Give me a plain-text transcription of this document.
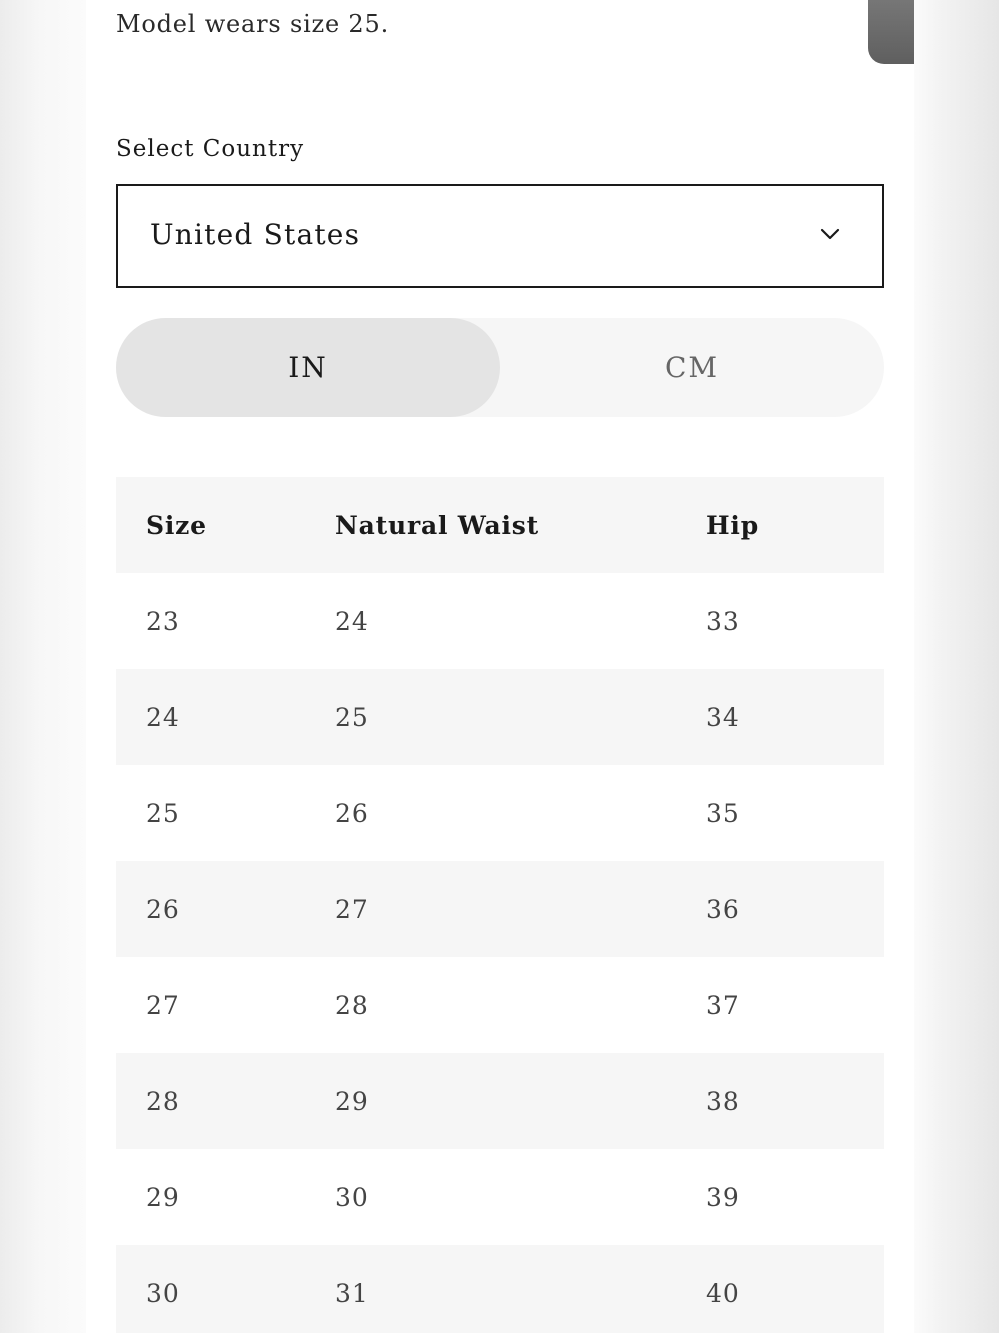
Model wears size 25.
Select Country
United States
IN	CM
Size	Natural Waist	Hip
23	24	33
24	25	34
25	26	35
26	27	36
27	28	37
28	29	38
29	30	39
30	31	40
